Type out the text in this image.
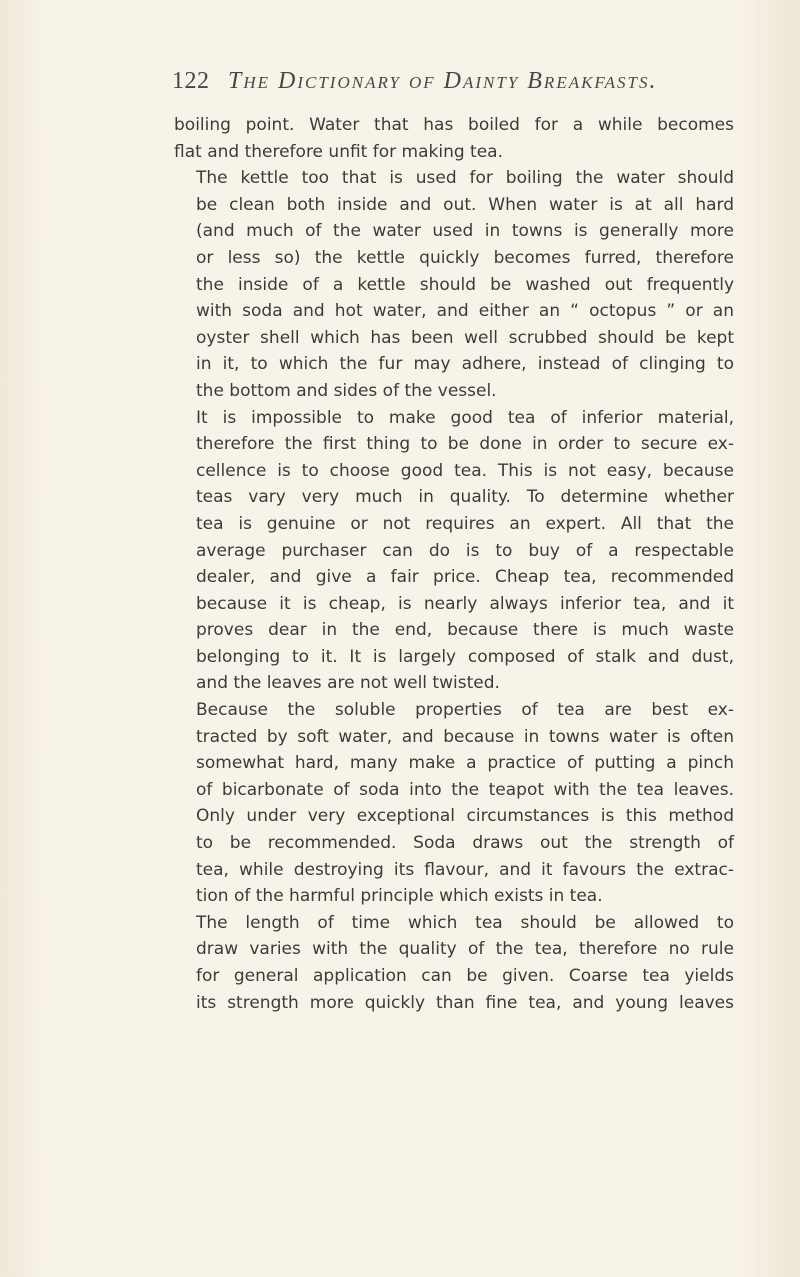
122 The Dictionary of Dainty Breakfasts.

boiling point. Water that has boiled for a while becomes
flat and therefore unfit for making tea.

The kettle too that is used for boiling the water should
be clean both inside and out. When water is at all hard
(and much of the water used in towns is generally more
or less so) the kettle quickly becomes furred, therefore
the inside of a kettle should be washed out frequently
with soda and hot water, and either an “ octopus ” or an
oyster shell which has been well scrubbed should be kept
in it, to which the fur may adhere, instead of clinging to
the bottom and sides of the vessel.

It is impossible to make good tea of inferior material,
therefore the first thing to be done in order to secure ex-
cellence is to choose good tea. This is not easy, because
teas vary very much in quality. To determine whether
tea is genuine or not requires an expert. All that the
average purchaser can do is to buy of a respectable
dealer, and give a fair price. Cheap tea, recommended
because it is cheap, is nearly always inferior tea, and it
proves dear in the end, because there is much waste
belonging to it. It is largely composed of stalk and dust,
and the leaves are not well twisted.

Because the soluble properties of tea are best ex-
tracted by soft water, and because in towns water is often
somewhat hard, many make a practice of putting a pinch
of bicarbonate of soda into the teapot with the tea leaves.
Only under very exceptional circumstances is this method
to be recommended. Soda draws out the strength of
tea, while destroying its flavour, and it favours the extrac-
tion of the harmful principle which exists in tea.

The length of time which tea should be allowed to
draw varies with the quality of the tea, therefore no rule
for general application can be given. Coarse tea yields
its strength more quickly than fine tea, and young leaves
